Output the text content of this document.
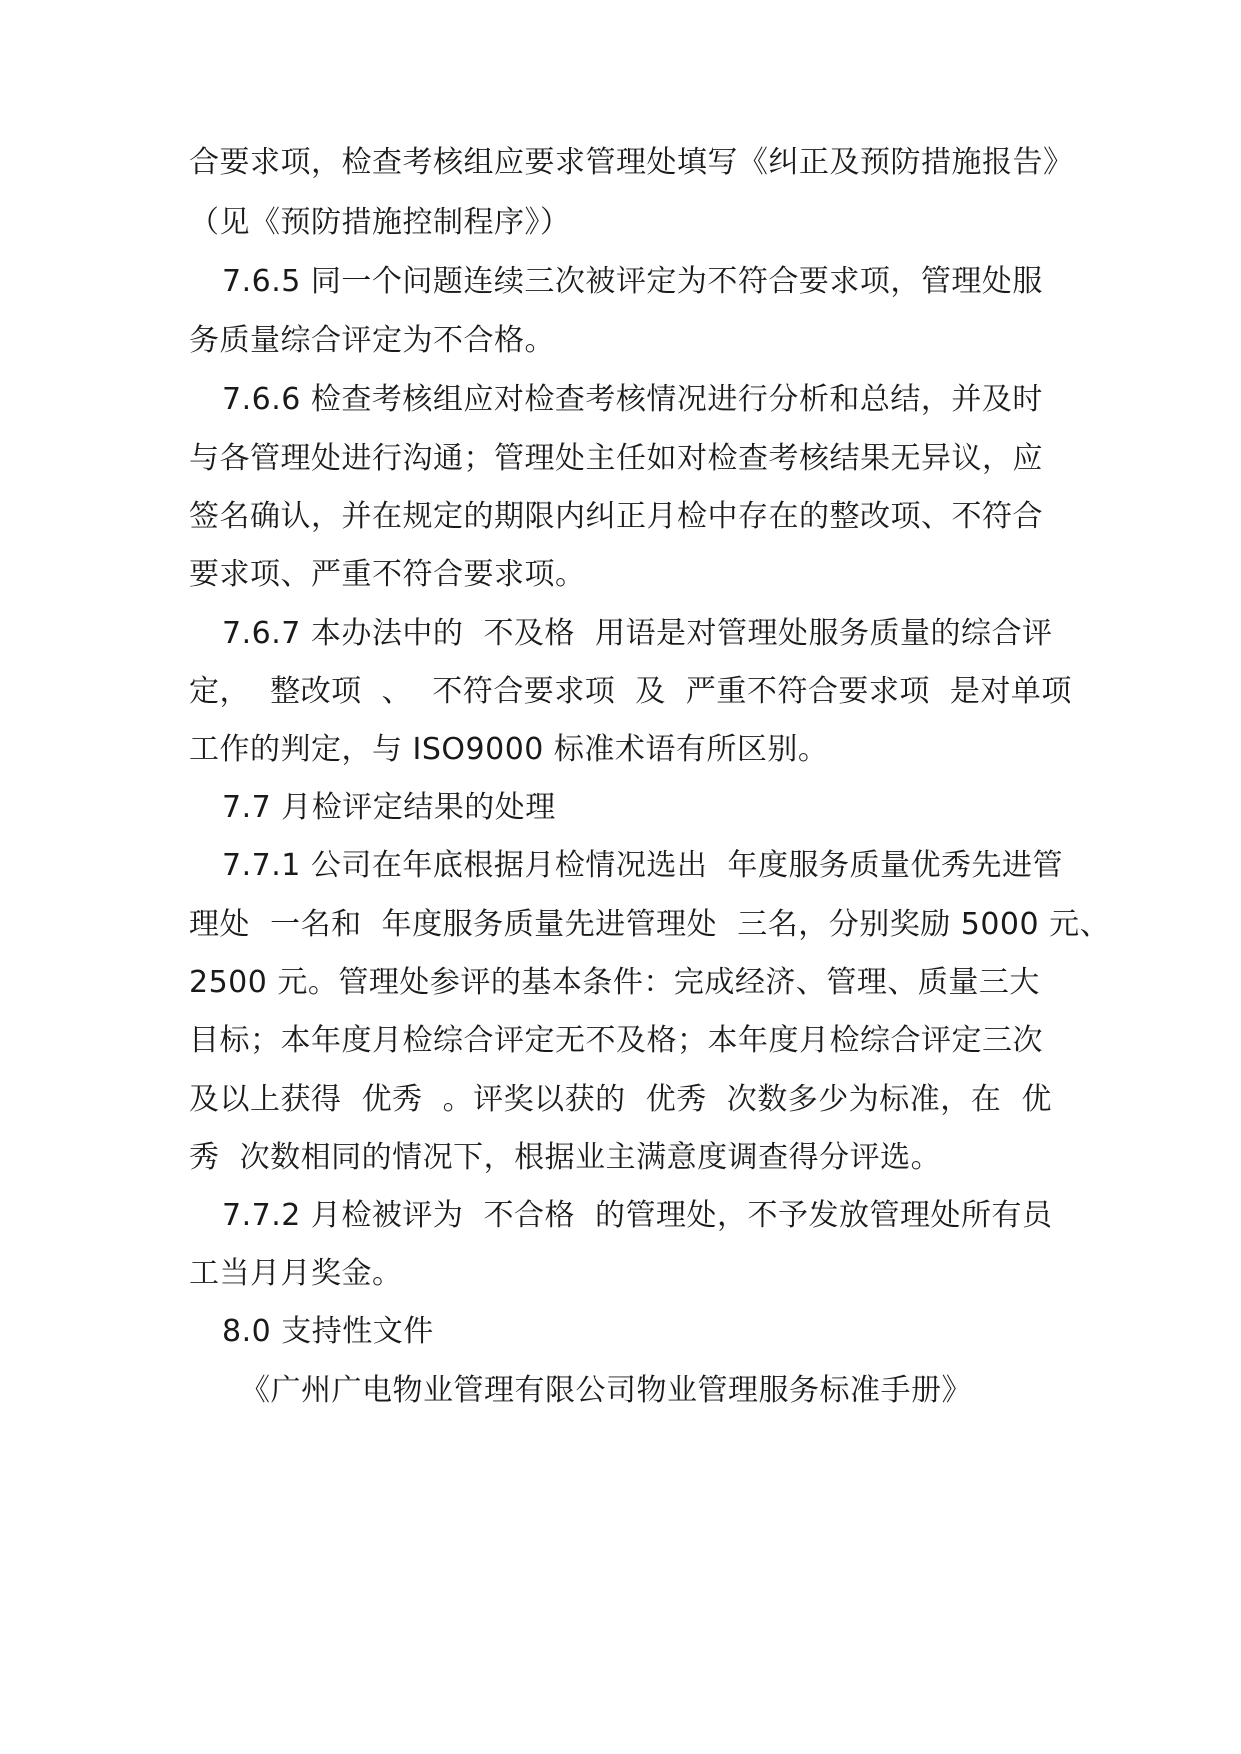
合要求项，检查考核组应要求管理处填写《纠正及预防措施报告》
（见《预防措施控制程序》）
7.6.5 同一个问题连续三次被评定为不符合要求项，管理处服
务质量综合评定为不合格。
7.6.6 检查考核组应对检查考核情况进行分析和总结，并及时
与各管理处进行沟通；管理处主任如对检查考核结果无异议，应
签名确认，并在规定的期限内纠正月检中存在的整改项、不符合
要求项、严重不符合要求项。
7.6.7 本办法中的  不及格  用语是对管理处服务质量的综合评
定，  整改项  、  不符合要求项  及  严重不符合要求项  是对单项
工作的判定，与 ISO9000 标准术语有所区别。
7.7 月检评定结果的处理
7.7.1 公司在年底根据月检情况选出  年度服务质量优秀先进管
理处  一名和  年度服务质量先进管理处  三名，分别奖励 5000 元、
2500 元。管理处参评的基本条件：完成经济、管理、质量三大
目标；本年度月检综合评定无不及格；本年度月检综合评定三次
及以上获得  优秀  。评奖以获的  优秀  次数多少为标准，在  优
秀  次数相同的情况下，根据业主满意度调查得分评选。
7.7.2 月检被评为  不合格  的管理处，不予发放管理处所有员
工当月月奖金。
8.0 支持性文件
《广州广电物业管理有限公司物业管理服务标准手册》
